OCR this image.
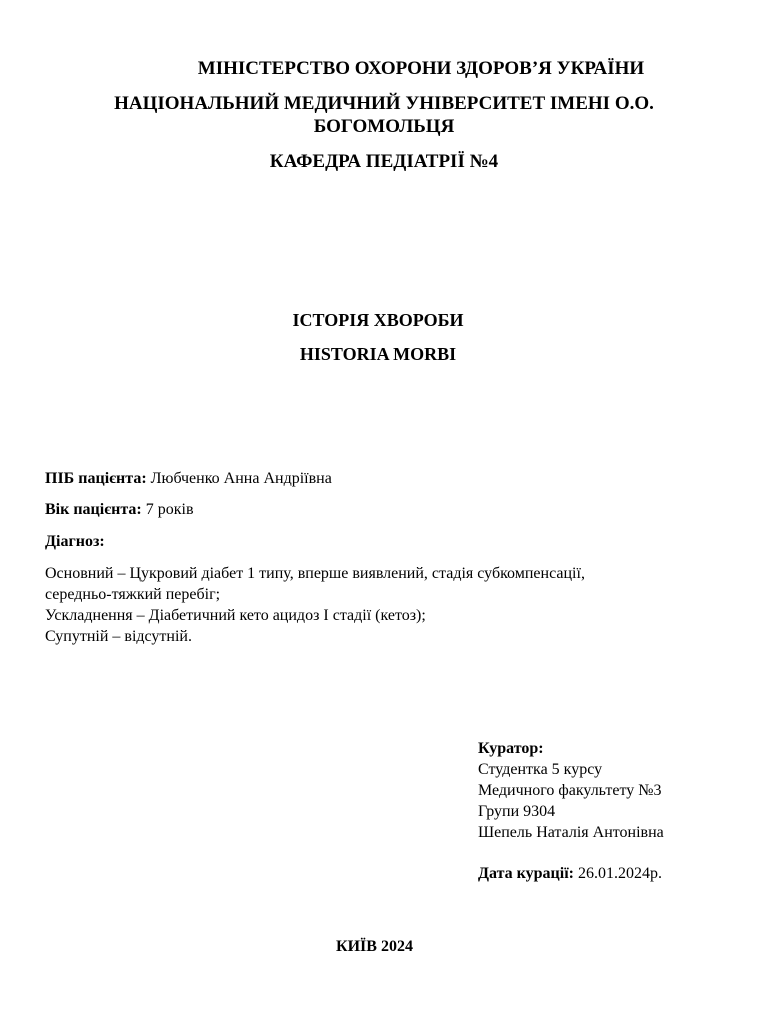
МІНІСТЕРСТВО ОХОРОНИ ЗДОРОВ’Я УКРАЇНИ
НАЦІОНАЛЬНИЙ МЕДИЧНИЙ УНІВЕРСИТЕТ ІМЕНІ О.О.
БОГОМОЛЬЦЯ
КАФЕДРА ПЕДІАТРІЇ №4
ІСТОРІЯ ХВОРОБИ
HISTORIA MORBI
ПІБ пацієнта: Любченко Анна Андріївна
Вік пацієнта: 7 років
Діагноз:
Основний – Цукровий діабет 1 типу, вперше виявлений, стадія субкомпенсації,
середньо-тяжкий перебіг;
Ускладнення – Діабетичний кето ацидоз І стадії (кетоз);
Супутній – відсутній.
Куратор:
Студентка 5 курсу
Медичного факультету №3
Групи 9304
Шепель Наталія Антонівна
Дата курації: 26.01.2024р.
КИЇВ 2024
